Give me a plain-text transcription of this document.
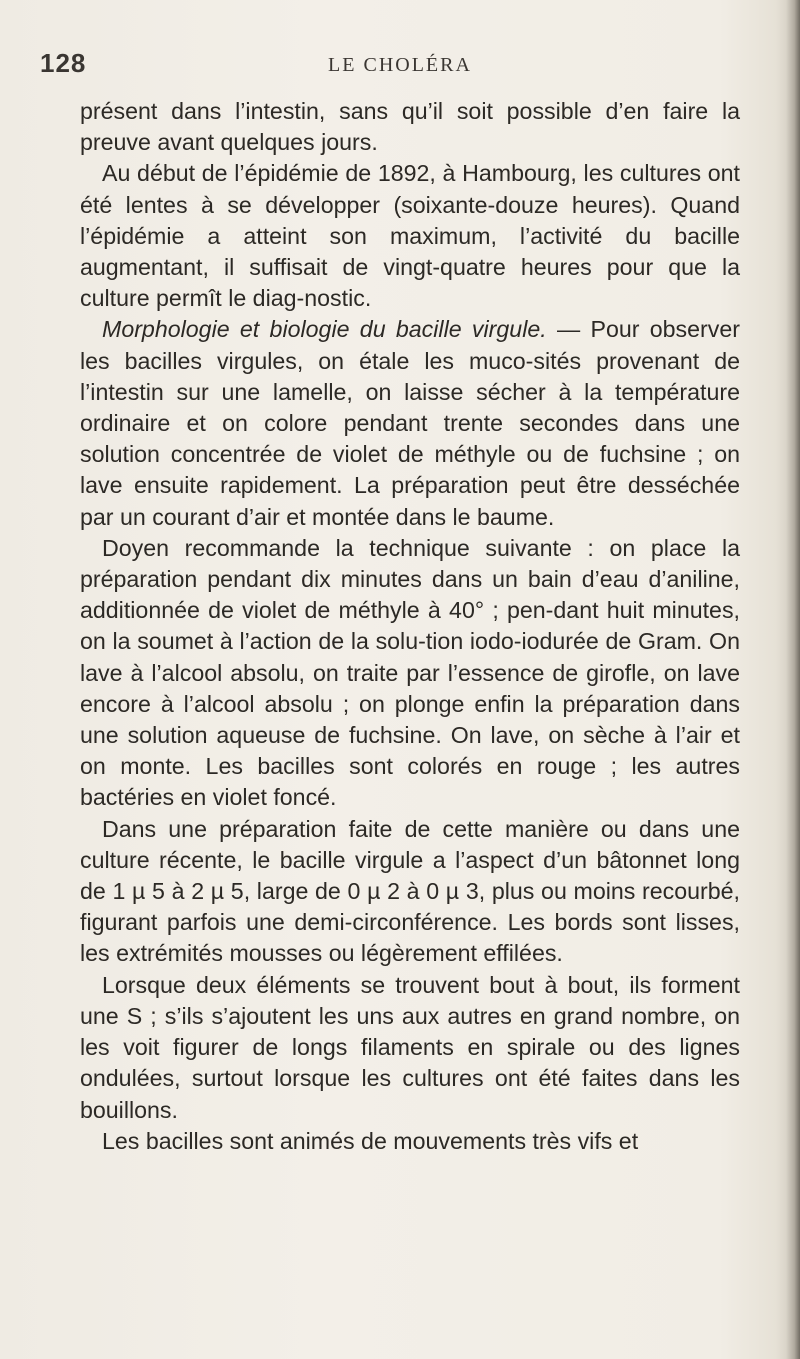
128	LE CHOLÉRA

présent dans l’intestin, sans qu’il soit possible d’en faire la preuve avant quelques jours.

Au début de l’épidémie de 1892, à Hambourg, les cultures ont été lentes à se développer (soixante-douze heures). Quand l’épidémie a atteint son maximum, l’activité du bacille augmentant, il suffisait de vingt-quatre heures pour que la culture permît le diag-nostic.

Morphologie et biologie du bacille virgule. — Pour observer les bacilles virgules, on étale les muco-sités provenant de l’intestin sur une lamelle, on laisse sécher à la température ordinaire et on colore pendant trente secondes dans une solution concentrée de violet de méthyle ou de fuchsine ; on lave ensuite rapidement. La préparation peut être desséchée par un courant d’air et montée dans le baume.

Doyen recommande la technique suivante : on place la préparation pendant dix minutes dans un bain d’eau d’aniline, additionnée de violet de méthyle à 40° ; pen-dant huit minutes, on la soumet à l’action de la solu-tion iodo-iodurée de Gram. On lave à l’alcool absolu, on traite par l’essence de girofle, on lave encore à l’alcool absolu ; on plonge enfin la préparation dans une solution aqueuse de fuchsine. On lave, on sèche à l’air et on monte. Les bacilles sont colorés en rouge ; les autres bactéries en violet foncé.

Dans une préparation faite de cette manière ou dans une culture récente, le bacille virgule a l’aspect d’un bâtonnet long de 1 µ 5 à 2 µ 5, large de 0 µ 2 à 0 µ 3, plus ou moins recourbé, figurant parfois une demi-circonférence. Les bords sont lisses, les extrémités mousses ou légèrement effilées.

Lorsque deux éléments se trouvent bout à bout, ils forment une S ; s’ils s’ajoutent les uns aux autres en grand nombre, on les voit figurer de longs filaments en spirale ou des lignes ondulées, surtout lorsque les cultures ont été faites dans les bouillons.

Les bacilles sont animés de mouvements très vifs et
